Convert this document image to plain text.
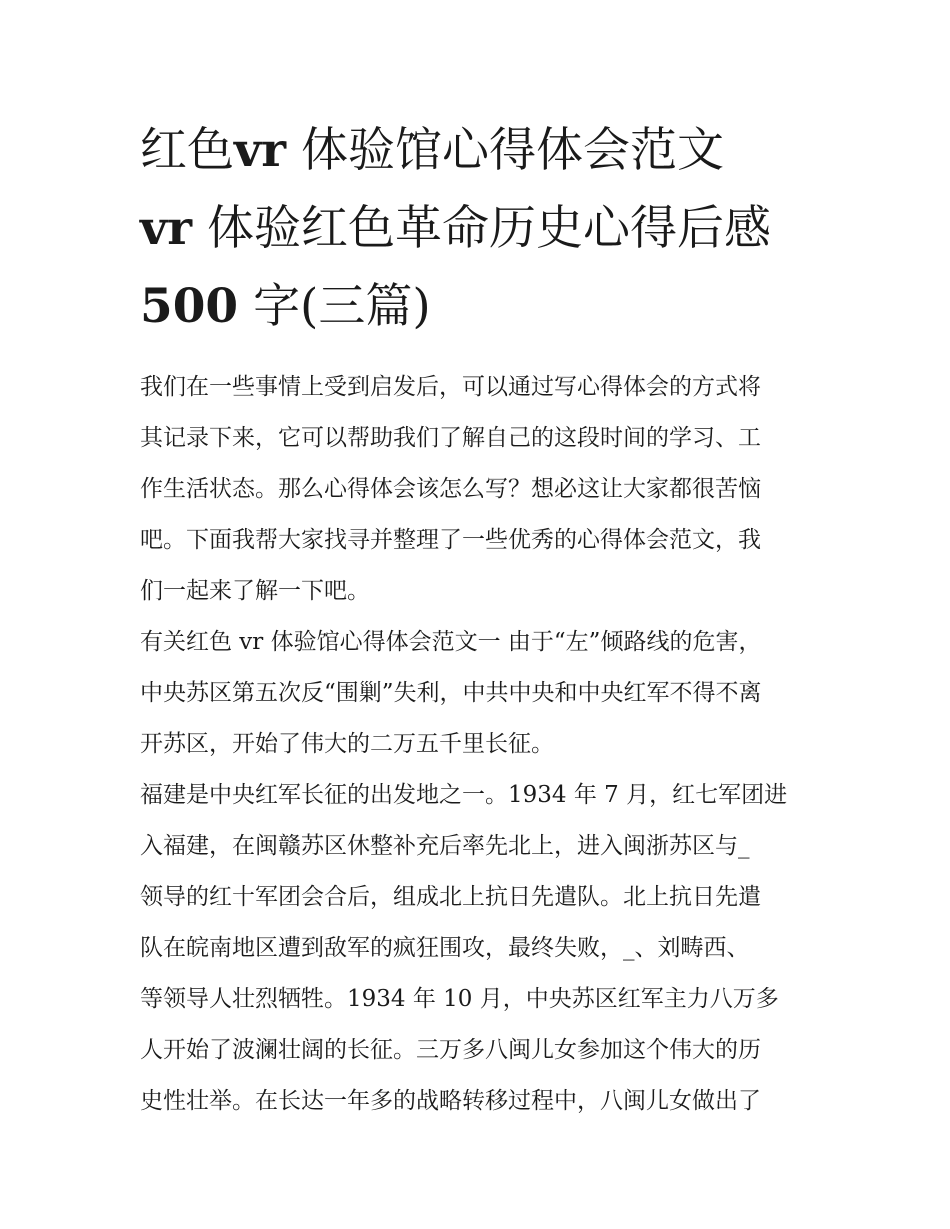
红色vr 体验馆心得体会范文
vr 体验红色革命历史心得后感
500 字(三篇)

我们在一些事情上受到启发后，可以通过写心得体会的方式将

其记录下来，它可以帮助我们了解自己的这段时间的学习、工

作生活状态。那么心得体会该怎么写？想必这让大家都很苦恼

吧。下面我帮大家找寻并整理了一些优秀的心得体会范文，我

们一起来了解一下吧。

有关红色 vr 体验馆心得体会范文一 由于“左”倾路线的危害，

中央苏区第五次反“围剿”失利，中共中央和中央红军不得不离

开苏区，开始了伟大的二万五千里长征。

福建是中央红军长征的出发地之一。1934 年 7 月，红七军团进

入福建，在闽赣苏区休整补充后率先北上，进入闽浙苏区与_

领导的红十军团会合后，组成北上抗日先遣队。北上抗日先遣

队在皖南地区遭到敌军的疯狂围攻，最终失败，_、刘畴西、

等领导人壮烈牺牲。1934 年 10 月，中央苏区红军主力八万多

人开始了波澜壮阔的长征。三万多八闽儿女参加这个伟大的历

史性壮举。在长达一年多的战略转移过程中，八闽儿女做出了
